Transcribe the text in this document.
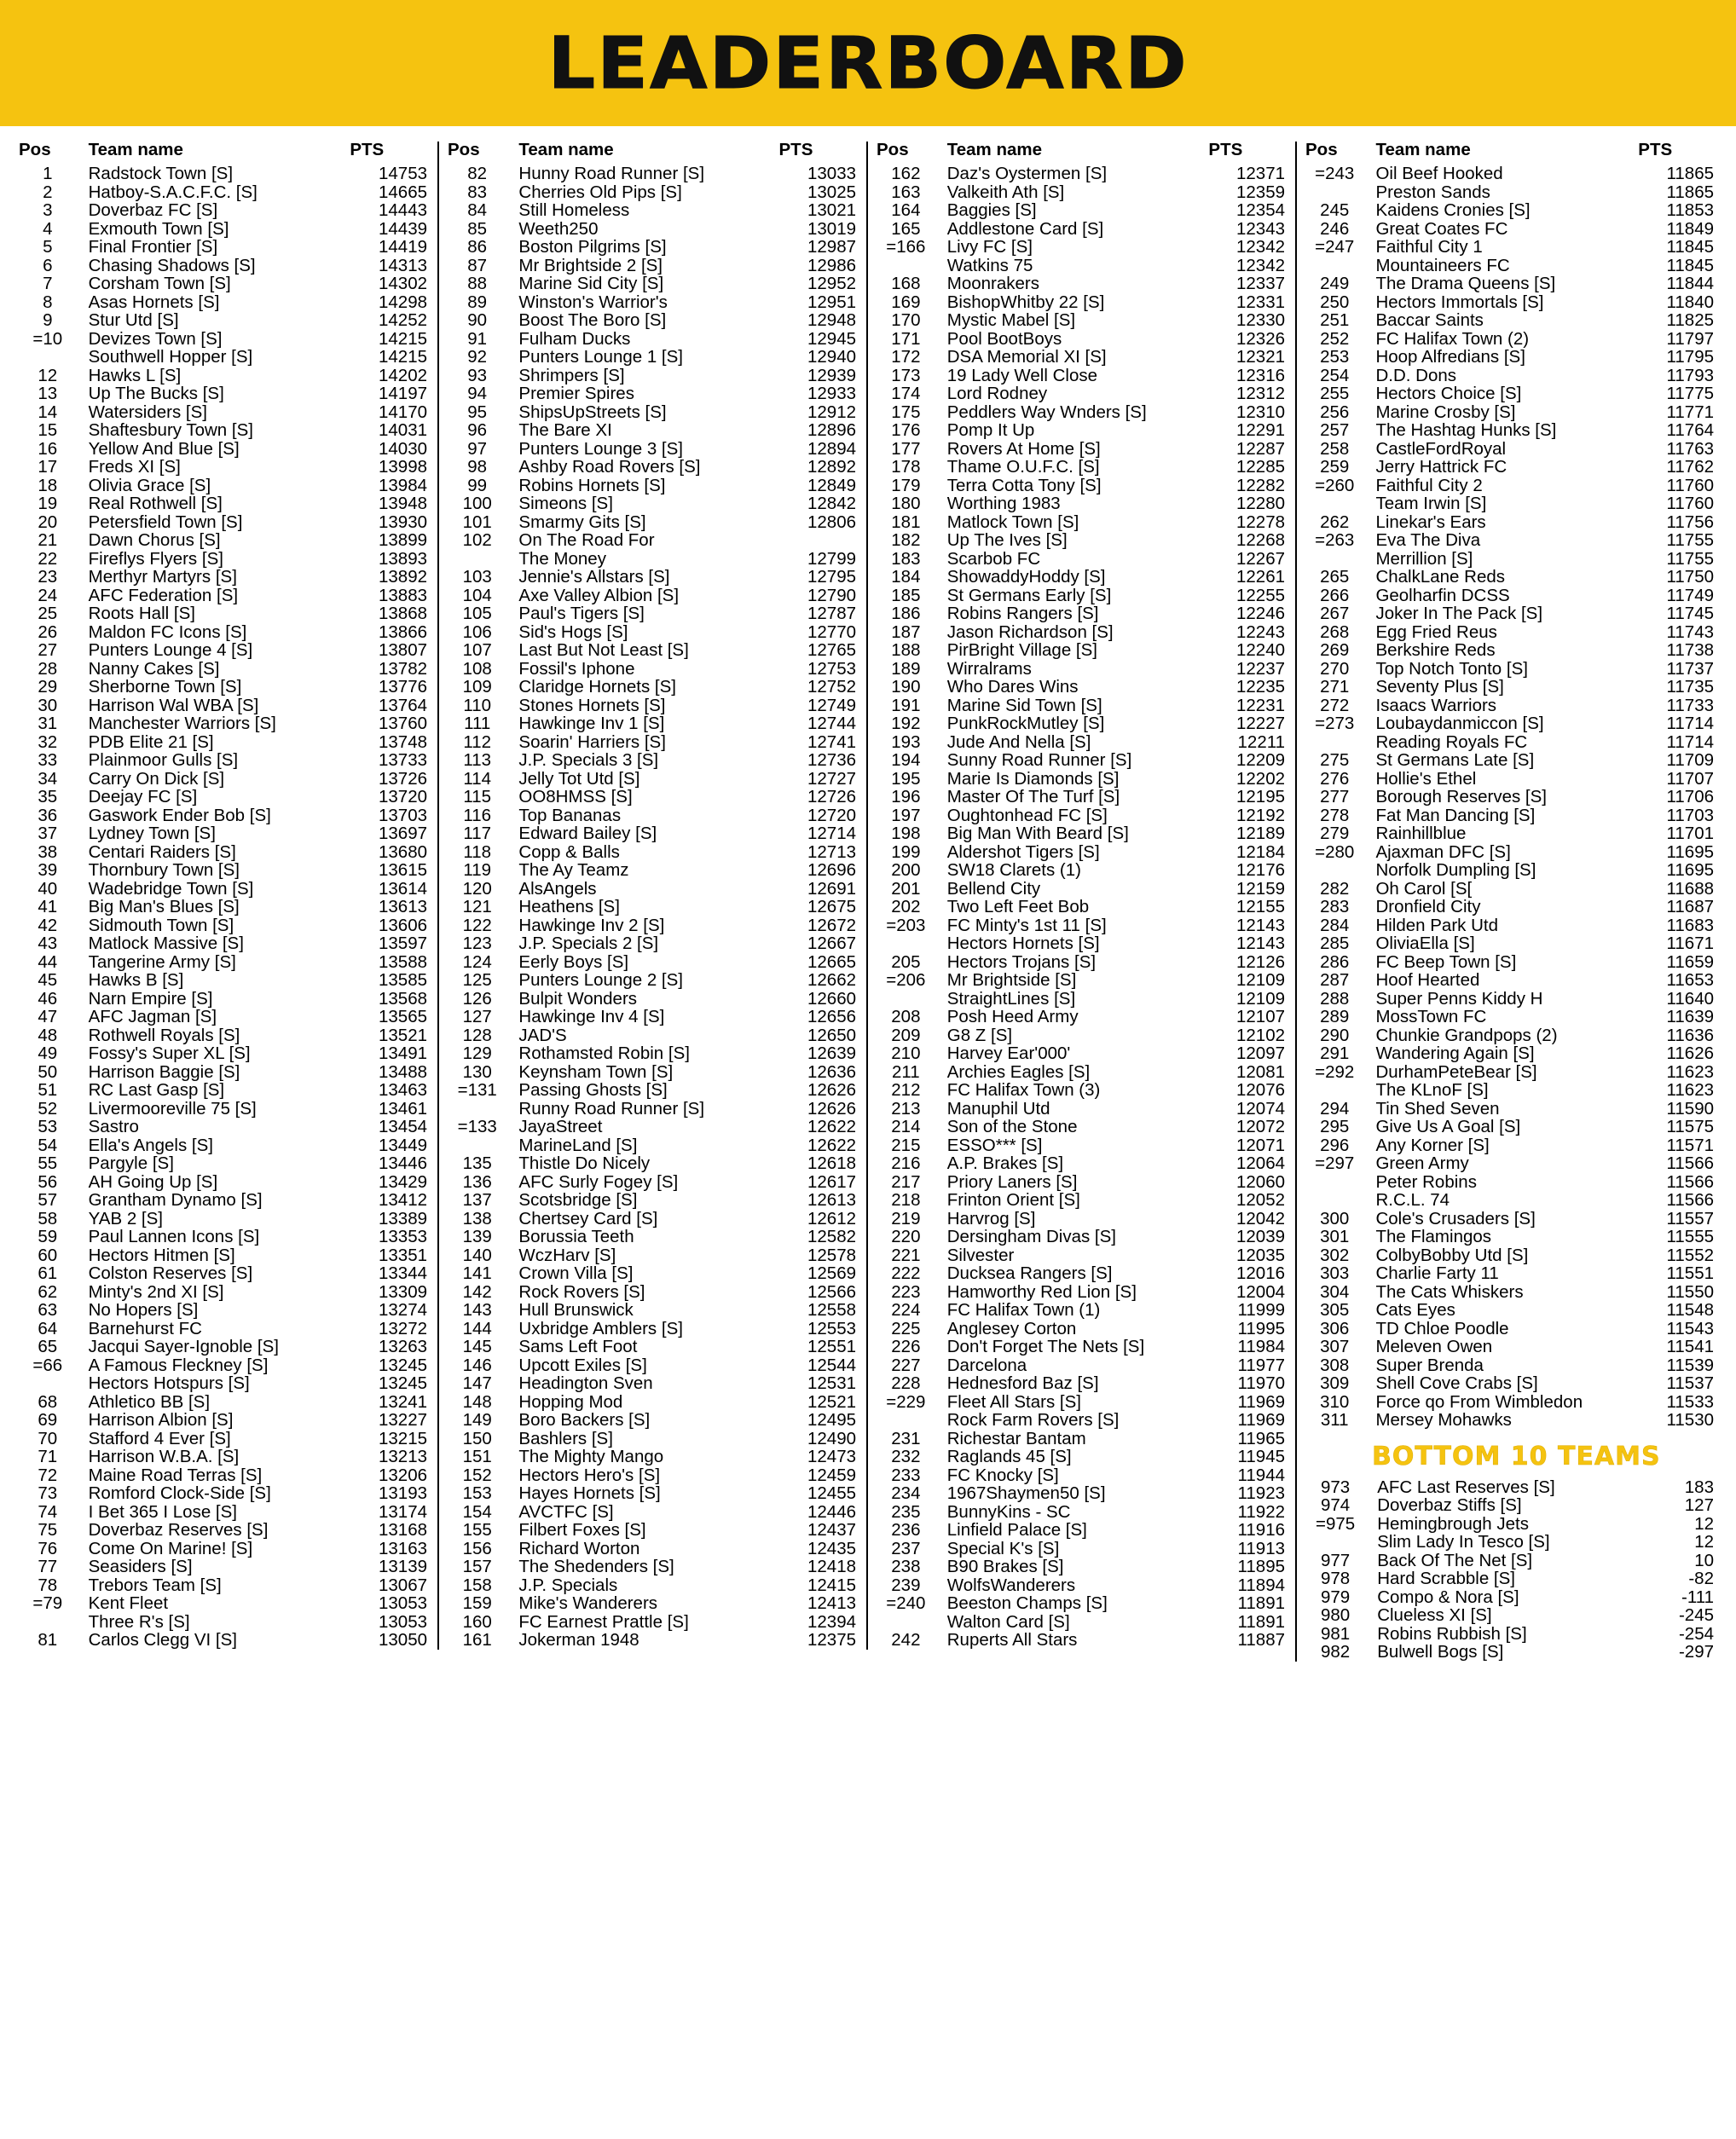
LEADERBOARD
Pos	Team name	PTS
1	Radstock Town [S]	14753
2	Hatboy-S.A.C.F.C. [S]	14665
3	Doverbaz FC [S]	14443
4	Exmouth Town [S]	14439
5	Final Frontier [S]	14419
6	Chasing Shadows [S]	14313
7	Corsham Town [S]	14302
8	Asas Hornets [S]	14298
9	Stur Utd [S]	14252
=10	Devizes Town [S]	14215
	Southwell Hopper [S]	14215
12	Hawks L [S]	14202
13	Up The Bucks [S]	14197
14	Watersiders [S]	14170
15	Shaftesbury Town [S]	14031
16	Yellow And Blue [S]	14030
17	Freds XI [S]	13998
18	Olivia Grace [S]	13984
19	Real Rothwell [S]	13948
20	Petersfield Town [S]	13930
21	Dawn Chorus [S]	13899
22	Fireflys Flyers [S]	13893
23	Merthyr Martyrs [S]	13892
24	AFC Federation [S]	13883
25	Roots Hall [S]	13868
26	Maldon FC Icons [S]	13866
27	Punters Lounge 4 [S]	13807
28	Nanny Cakes [S]	13782
29	Sherborne Town [S]	13776
30	Harrison Wal WBA [S]	13764
31	Manchester Warriors [S]	13760
32	PDB Elite 21 [S]	13748
33	Plainmoor Gulls [S]	13733
34	Carry On Dick [S]	13726
35	Deejay FC [S]	13720
36	Gaswork Ender Bob [S]	13703
37	Lydney Town [S]	13697
38	Centari Raiders [S]	13680
39	Thornbury Town [S]	13615
40	Wadebridge Town [S]	13614
41	Big Man's Blues [S]	13613
42	Sidmouth Town [S]	13606
43	Matlock Massive [S]	13597
44	Tangerine Army [S]	13588
45	Hawks B [S]	13585
46	Narn Empire [S]	13568
47	AFC Jagman [S]	13565
48	Rothwell Royals [S]	13521
49	Fossy's Super XL [S]	13491
50	Harrison Baggie [S]	13488
51	RC Last Gasp [S]	13463
52	Livermooreville 75 [S]	13461
53	Sastro	13454
54	Ella's Angels [S]	13449
55	Pargyle [S]	13446
56	AH Going Up [S]	13429
57	Grantham Dynamo [S]	13412
58	YAB 2 [S]	13389
59	Paul Lannen Icons [S]	13353
60	Hectors Hitmen [S]	13351
61	Colston Reserves [S]	13344
62	Minty's 2nd XI [S]	13309
63	No Hopers [S]	13274
64	Barnehurst FC	13272
65	Jacqui Sayer-Ignoble [S]	13263
=66	A Famous Fleckney [S]	13245
	Hectors Hotspurs [S]	13245
68	Athletico BB [S]	13241
69	Harrison Albion [S]	13227
70	Stafford 4 Ever [S]	13215
71	Harrison W.B.A. [S]	13213
72	Maine Road Terras [S]	13206
73	Romford Clock-Side [S]	13193
74	I Bet 365 I Lose [S]	13174
75	Doverbaz Reserves [S]	13168
76	Come On Marine! [S]	13163
77	Seasiders [S]	13139
78	Trebors Team [S]	13067
=79	Kent Fleet	13053
	Three R's [S]	13053
81	Carlos Clegg VI [S]	13050
Pos	Team name	PTS
82	Hunny Road Runner [S]	13033
83	Cherries Old Pips [S]	13025
84	Still Homeless	13021
85	Weeth250	13019
86	Boston Pilgrims [S]	12987
87	Mr Brightside 2 [S]	12986
88	Marine Sid City [S]	12952
89	Winston's Warrior's	12951
90	Boost The Boro [S]	12948
91	Fulham Ducks	12945
92	Punters Lounge 1 [S]	12940
93	Shrimpers [S]	12939
94	Premier Spires	12933
95	ShipsUpStreets [S]	12912
96	The Bare XI	12896
97	Punters Lounge 3 [S]	12894
98	Ashby Road Rovers [S]	12892
99	Robins Hornets [S]	12849
100	Simeons [S]	12842
101	Smarmy Gits [S]	12806
102	On The Road For	
	The Money	12799
103	Jennie's Allstars [S]	12795
104	Axe Valley Albion [S]	12790
105	Paul's Tigers [S]	12787
106	Sid's Hogs [S]	12770
107	Last But Not Least [S]	12765
108	Fossil's Iphone	12753
109	Claridge Hornets [S]	12752
110	Stones Hornets [S]	12749
111	Hawkinge Inv 1 [S]	12744
112	Soarin' Harriers [S]	12741
113	J.P. Specials 3 [S]	12736
114	Jelly Tot Utd [S]	12727
115	OO8HMSS [S]	12726
116	Top Bananas	12720
117	Edward Bailey [S]	12714
118	Copp & Balls	12713
119	The Ay Teamz	12696
120	AlsAngels	12691
121	Heathens [S]	12675
122	Hawkinge Inv 2 [S]	12672
123	J.P. Specials 2 [S]	12667
124	Eerly Boys [S]	12665
125	Punters Lounge 2 [S]	12662
126	Bulpit Wonders	12660
127	Hawkinge Inv 4 [S]	12656
128	JAD'S	12650
129	Rothamsted Robin [S]	12639
130	Keynsham Town [S]	12636
=131	Passing Ghosts [S]	12626
	Runny Road Runner [S]	12626
=133	JayaStreet	12622
	MarineLand [S]	12622
135	Thistle Do Nicely	12618
136	AFC Surly Fogey [S]	12617
137	Scotsbridge [S]	12613
138	Chertsey Card [S]	12612
139	Borussia Teeth	12582
140	WczHarv [S]	12578
141	Crown Villa [S]	12569
142	Rock Rovers [S]	12566
143	Hull Brunswick	12558
144	Uxbridge Amblers [S]	12553
145	Sams Left Foot	12551
146	Upcott Exiles [S]	12544
147	Headington Sven	12531
148	Hopping Mod	12521
149	Boro Backers [S]	12495
150	Bashlers [S]	12490
151	The Mighty Mango	12473
152	Hectors Hero's [S]	12459
153	Hayes Hornets [S]	12455
154	AVCTFC [S]	12446
155	Filbert Foxes [S]	12437
156	Richard Worton	12435
157	The Shedenders [S]	12418
158	J.P. Specials	12415
159	Mike's Wanderers	12413
160	FC Earnest Prattle [S]	12394
161	Jokerman 1948	12375
Pos	Team name	PTS
162	Daz's Oystermen [S]	12371
163	Valkeith Ath [S]	12359
164	Baggies [S]	12354
165	Addlestone Card [S]	12343
=166	Livy FC [S]	12342
	Watkins 75	12342
168	Moonrakers	12337
169	BishopWhitby 22 [S]	12331
170	Mystic Mabel [S]	12330
171	Pool BootBoys	12326
172	DSA Memorial XI [S]	12321
173	19 Lady Well Close	12316
174	Lord Rodney	12312
175	Peddlers Way Wnders [S]	12310
176	Pomp It Up	12291
177	Rovers At Home [S]	12287
178	Thame O.U.F.C. [S]	12285
179	Terra Cotta Tony [S]	12282
180	Worthing 1983	12280
181	Matlock Town [S]	12278
182	Up The Ives [S]	12268
183	Scarbob FC	12267
184	ShowaddyHoddy [S]	12261
185	St Germans Early [S]	12255
186	Robins Rangers [S]	12246
187	Jason Richardson [S]	12243
188	PirBright Village [S]	12240
189	Wirralrams	12237
190	Who Dares Wins	12235
191	Marine Sid Town [S]	12231
192	PunkRockMutley [S]	12227
193	Jude And Nella [S]	12211
194	Sunny Road Runner [S]	12209
195	Marie Is Diamonds [S]	12202
196	Master Of The Turf [S]	12195
197	Oughtonhead FC [S]	12192
198	Big Man With Beard [S]	12189
199	Aldershot Tigers [S]	12184
200	SW18 Clarets (1)	12176
201	Bellend City	12159
202	Two Left Feet Bob	12155
=203	FC Minty's 1st 11 [S]	12143
	Hectors Hornets [S]	12143
205	Hectors Trojans [S]	12126
=206	Mr Brightside [S]	12109
	StraightLines [S]	12109
208	Posh Heed Army	12107
209	G8 Z [S]	12102
210	Harvey Ear'000'	12097
211	Archies Eagles [S]	12081
212	FC Halifax Town (3)	12076
213	Manuphil Utd	12074
214	Son of the Stone	12072
215	ESSO*** [S]	12071
216	A.P. Brakes [S]	12064
217	Priory Laners [S]	12060
218	Frinton Orient [S]	12052
219	Harvrog [S]	12042
220	Dersingham Divas [S]	12039
221	Silvester	12035
222	Ducksea Rangers [S]	12016
223	Hamworthy Red Lion [S]	12004
224	FC Halifax Town (1)	11999
225	Anglesey Corton	11995
226	Don't Forget The Nets [S]	11984
227	Darcelona	11977
228	Hednesford Baz [S]	11970
=229	Fleet All Stars [S]	11969
	Rock Farm Rovers [S]	11969
231	Richestar Bantam	11965
232	Raglands 45 [S]	11945
233	FC Knocky [S]	11944
234	1967Shaymen50 [S]	11923
235	BunnyKins - SC	11922
236	Linfield Palace [S]	11916
237	Special K's [S]	11913
238	B90 Brakes [S]	11895
239	WolfsWanderers	11894
=240	Beeston Champs [S]	11891
	Walton Card [S]	11891
242	Ruperts All Stars	11887
Pos	Team name	PTS
=243	Oil Beef Hooked	11865
	Preston Sands	11865
245	Kaidens Cronies [S]	11853
246	Great Coates FC	11849
=247	Faithful City 1	11845
	Mountaineers FC	11845
249	The Drama Queens [S]	11844
250	Hectors Immortals [S]	11840
251	Baccar Saints	11825
252	FC Halifax Town (2)	11797
253	Hoop Alfredians [S]	11795
254	D.D. Dons	11793
255	Hectors Choice [S]	11775
256	Marine Crosby [S]	11771
257	The Hashtag Hunks [S]	11764
258	CastleFordRoyal	11763
259	Jerry Hattrick FC	11762
=260	Faithful City 2	11760
	Team Irwin [S]	11760
262	Linekar's Ears	11756
=263	Eva The Diva	11755
	Merrillion [S]	11755
265	ChalkLane Reds	11750
266	Geolharfin DCSS	11749
267	Joker In The Pack [S]	11745
268	Egg Fried Reus	11743
269	Berkshire Reds	11738
270	Top Notch Tonto [S]	11737
271	Seventy Plus [S]	11735
272	Isaacs Warriors	11733
=273	Loubaydanmiccon [S]	11714
	Reading Royals FC	11714
275	St Germans Late [S]	11709
276	Hollie's Ethel	11707
277	Borough Reserves [S]	11706
278	Fat Man Dancing [S]	11703
279	Rainhillblue	11701
=280	Ajaxman DFC [S]	11695
	Norfolk Dumpling [S]	11695
282	Oh Carol [S[	11688
283	Dronfield City	11687
284	Hilden Park Utd	11683
285	OliviaElla [S]	11671
286	FC Beep Town [S]	11659
287	Hoof Hearted	11653
288	Super Penns Kiddy H	11640
289	MossTown FC	11639
290	Chunkie Grandpops (2)	11636
291	Wandering Again [S]	11626
=292	DurhamPeteBear [S]	11623
	The KLnoF [S]	11623
294	Tin Shed Seven	11590
295	Give Us A Goal [S]	11575
296	Any Korner [S]	11571
=297	Green Army	11566
	Peter Robins	11566
	R.C.L. 74	11566
300	Cole's Crusaders [S]	11557
301	The Flamingos	11555
302	ColbyBobby Utd [S]	11552
303	Charlie Farty 11	11551
304	The Cats Whiskers	11550
305	Cats Eyes	11548
306	TD Chloe Poodle	11543
307	Meleven Owen	11541
308	Super Brenda	11539
309	Shell Cove Crabs [S]	11537
310	Force qo From Wimbledon	11533
311	Mersey Mohawks	11530
BOTTOM 10 TEAMS
973	AFC Last Reserves [S]	183
974	Doverbaz Stiffs [S]	127
=975	Hemingbrough Jets	12
	Slim Lady In Tesco [S]	12
977	Back Of The Net [S]	10
978	Hard Scrabble [S]	-82
979	Compo & Nora [S]	-111
980	Clueless XI [S]	-245
981	Robins Rubbish [S]	-254
982	Bulwell Bogs [S]	-297
